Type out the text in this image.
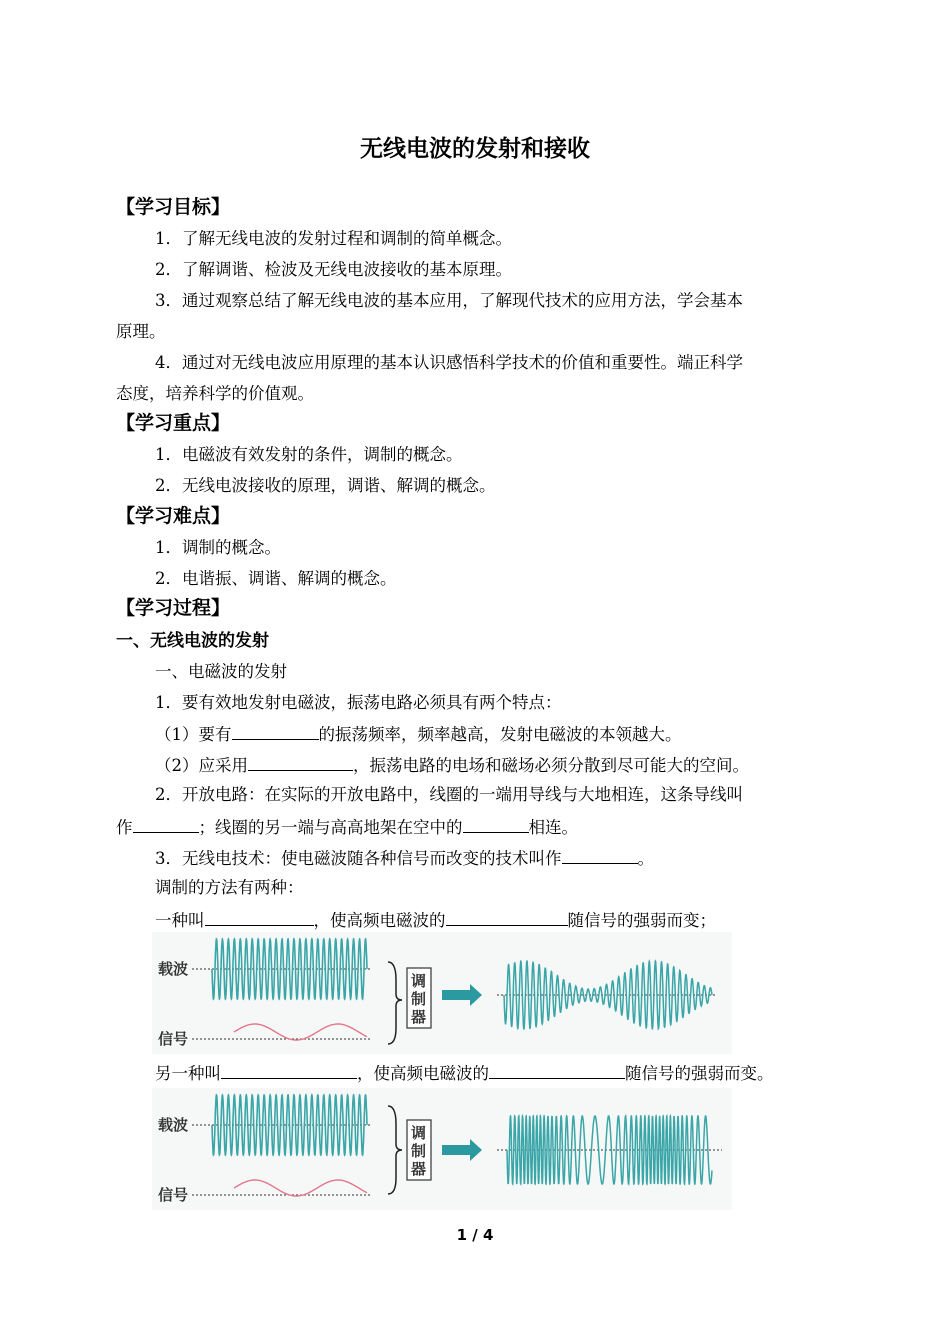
无线电波的发射和接收
【学习目标】
1．了解无线电波的发射过程和调制的简单概念。
2．了解调谐、检波及无线电波接收的基本原理。
3．通过观察总结了解无线电波的基本应用，了解现代技术的应用方法，学会基本
原理。
4．通过对无线电波应用原理的基本认识感悟科学技术的价值和重要性。端正科学
态度，培养科学的价值观。
【学习重点】
1．电磁波有效发射的条件，调制的概念。
2．无线电波接收的原理，调谐、解调的概念。
【学习难点】
1．调制的概念。
2．电谐振、调谐、解调的概念。
【学习过程】
一、无线电波的发射
一、电磁波的发射
1．要有效地发射电磁波，振荡电路必须具有两个特点：
（1）要有	的振荡频率，频率越高，发射电磁波的本领越大。
（2）应采用	，振荡电路的电场和磁场必须分散到尽可能大的空间。
2．开放电路：在实际的开放电路中，线圈的一端用导线与大地相连，这条导线叫
作	；线圈的另一端与高高地架在空中的	相连。
3．无线电技术：使电磁波随各种信号而改变的技术叫作	。
调制的方法有两种：
一种叫	，使高频电磁波的	随信号的强弱而变；
载波
信号
调
制
器
另一种叫	，使高频电磁波的	随信号的强弱而变。
载波
信号
调
制
器
1 / 4
